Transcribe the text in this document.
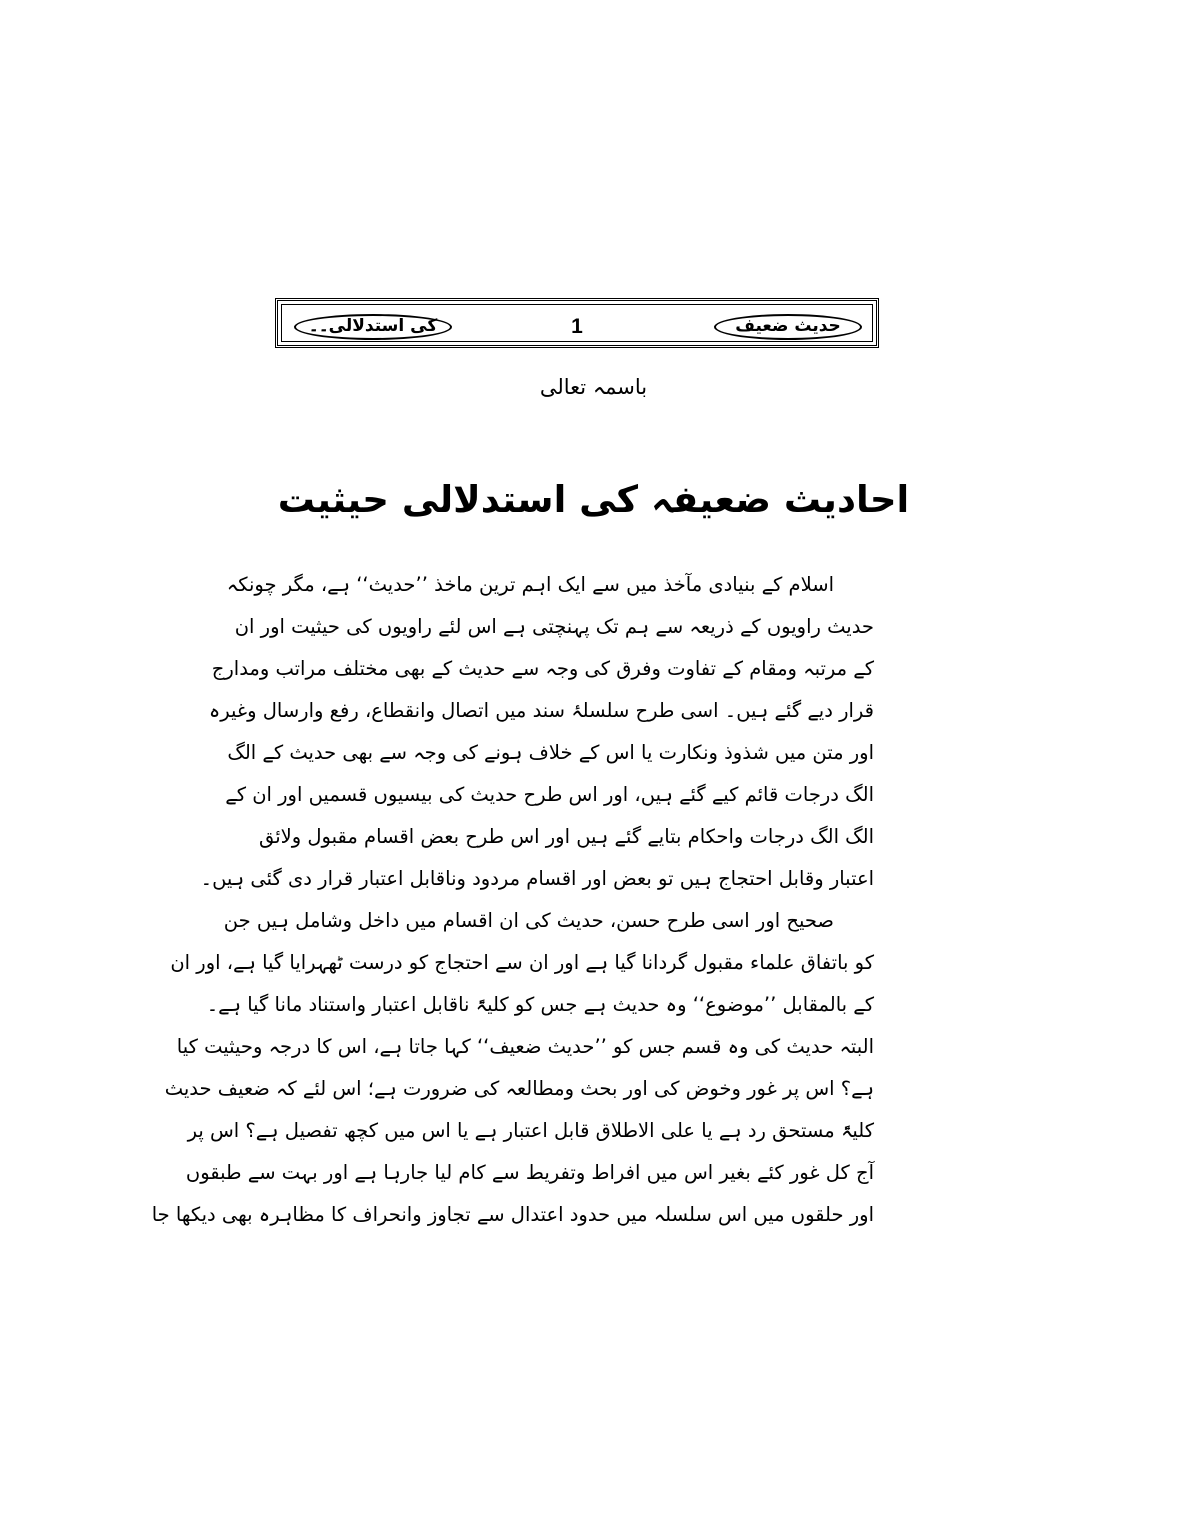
حدیث ضعیف
1
کی استدلالی۔۔
باسمہ تعالی
احادیث ضعیفہ کی استدلالی حیثیت
اسلام کے بنیادی مآخذ میں سے ایک اہم ترین ماخذ ’’حدیث‘‘ ہے، مگر چونکہ
حدیث راویوں کے ذریعہ سے ہم تک پہنچتی ہے اس لئے راویوں کی حیثیت اور ان
کے مرتبہ ومقام کے تفاوت وفرق کی وجہ سے حدیث کے بھی مختلف مراتب ومدارج
قرار دیے گئے ہیں۔ اسی طرح سلسلۂ سند میں اتصال وانقطاع، رفع وارسال وغیرہ
اور متن میں شذوذ ونکارت یا اس کے خلاف ہونے کی وجہ سے بھی حدیث کے الگ
الگ درجات قائم کیے گئے ہیں، اور اس طرح حدیث کی بیسیوں قسمیں اور ان کے
الگ الگ درجات واحکام بتایے گئے ہیں اور اس طرح بعض اقسام مقبول ولائق
اعتبار وقابل احتجاج ہیں تو بعض اور اقسام مردود وناقابل اعتبار قرار دی گئی ہیں۔
صحیح اور اسی طرح حسن، حدیث کی ان اقسام میں داخل وشامل ہیں جن
کو باتفاق علماء مقبول گردانا گیا ہے اور ان سے احتجاج کو درست ٹھہرایا گیا ہے، اور ان
کے بالمقابل ’’موضوع‘‘ وہ حدیث ہے جس کو کلیۃً ناقابل اعتبار واستناد مانا گیا ہے۔
البتہ حدیث کی وہ قسم جس کو ’’حدیث ضعیف‘‘ کہا جاتا ہے، اس کا درجہ وحیثیت کیا
ہے؟ اس پر غور وخوض کی اور بحث ومطالعہ کی ضرورت ہے؛ اس لئے کہ ضعیف حدیث
کلیۃً مستحق رد ہے یا علی الاطلاق قابل اعتبار ہے یا اس میں کچھ تفصیل ہے؟ اس پر
آج کل غور کئے بغیر اس میں افراط وتفریط سے کام لیا جارہا ہے اور بہت سے طبقوں
اور حلقوں میں اس سلسلہ میں حدود اعتدال سے تجاوز وانحراف کا مظاہرہ بھی دیکھا جا
